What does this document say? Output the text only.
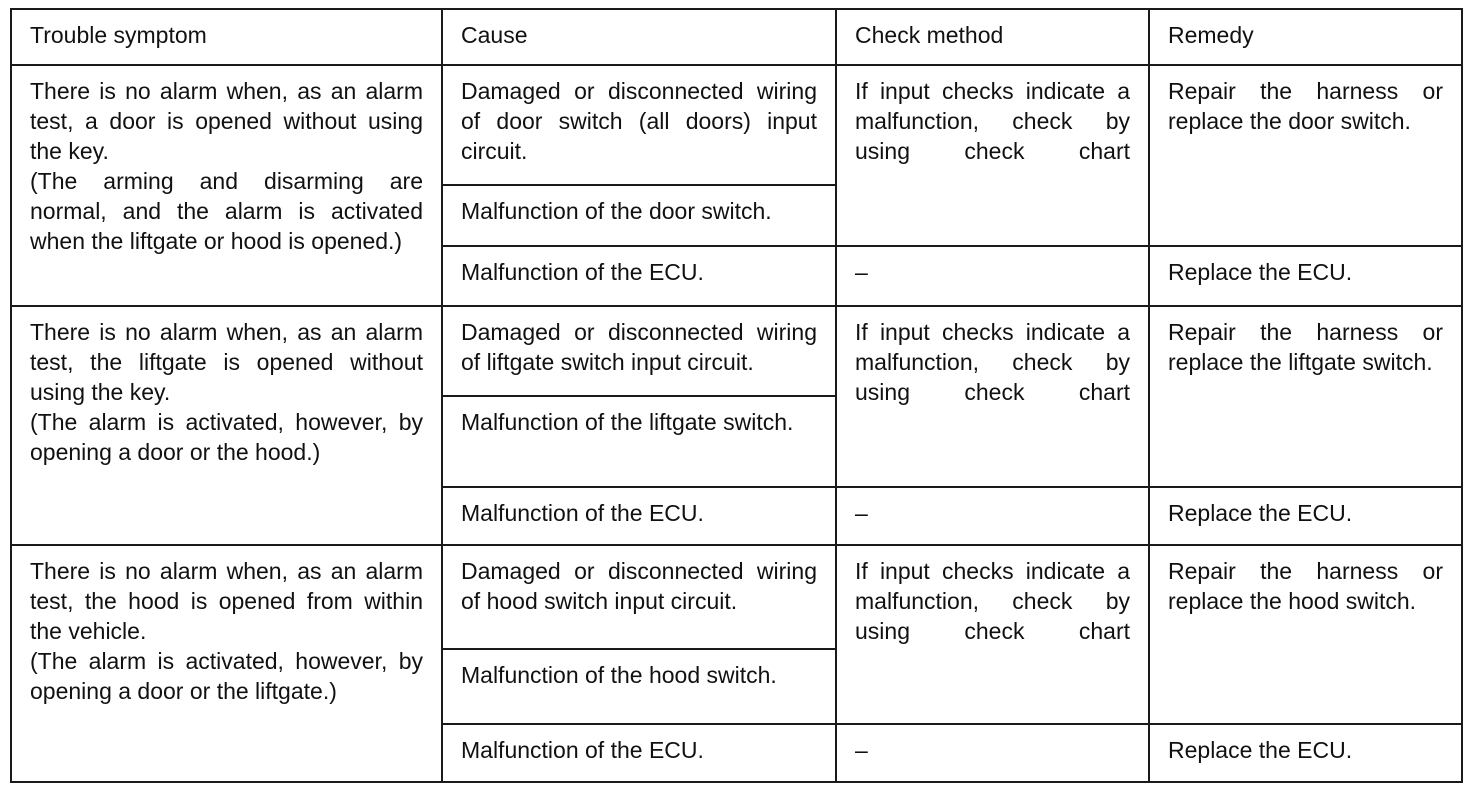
Trouble symptom	Cause	Check method	Remedy

There is no alarm when, as an alarm test, a door is opened without using the key.
(The arming and disarming are normal, and the alarm is activated when the liftgate or hood is opened.)	Damaged or disconnected wiring of door switch (all doors) input circuit.	If input checks indicate a malfunction, check by using check chart	Repair the harness or replace the door switch.
	Malfunction of the door switch.		
	Malfunction of the ECU.	–	Replace the ECU.

There is no alarm when, as an alarm test, the liftgate is opened without using the key.
(The alarm is activated, however, by opening a door or the hood.)	Damaged or disconnected wiring of liftgate switch input circuit.	If input checks indicate a malfunction, check by using check chart	Repair the harness or replace the liftgate switch.
	Malfunction of the liftgate switch.		
	Malfunction of the ECU.	–	Replace the ECU.

There is no alarm when, as an alarm test, the hood is opened from within the vehicle.
(The alarm is activated, however, by opening a door or the liftgate.)	Damaged or disconnected wiring of hood switch input circuit.	If input checks indicate a malfunction, check by using check chart	Repair the harness or replace the hood switch.
	Malfunction of the hood switch.		
	Malfunction of the ECU.	–	Replace the ECU.
